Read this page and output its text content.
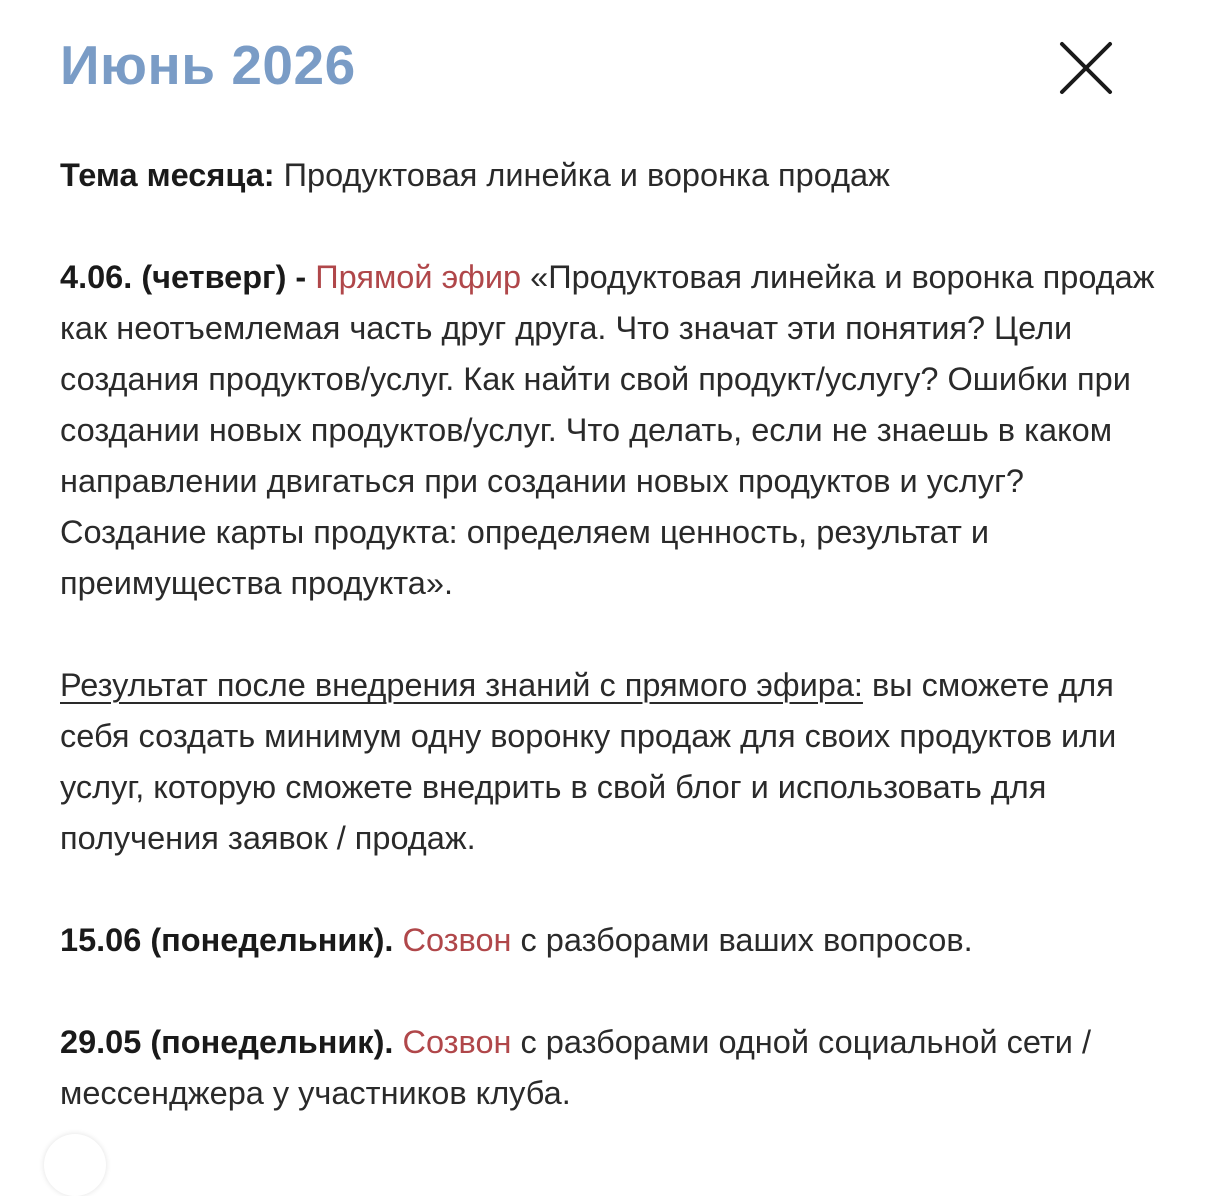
Июнь 2026

Тема месяца: Продуктовая линейка и воронка продаж

4.06. (четверг) - Прямой эфир «Продуктовая линейка и воронка продаж как неотъемлемая часть друг друга. Что значат эти понятия? Цели создания продуктов/услуг. Как найти свой продукт/услугу? Ошибки при создании новых продуктов/услуг. Что делать, если не знаешь в каком направлении двигаться при создании новых продуктов и услуг? Создание карты продукта: определяем ценность, результат и преимущества продукта».

Результат после внедрения знаний с прямого эфира: вы сможете для себя создать минимум одну воронку продаж для своих продуктов или услуг, которую сможете внедрить в свой блог и использовать для получения заявок / продаж.

15.06 (понедельник). Созвон с разборами ваших вопросов.

29.05 (понедельник). Созвон с разборами одной социальной сети / мессенджера у участников клуба.
